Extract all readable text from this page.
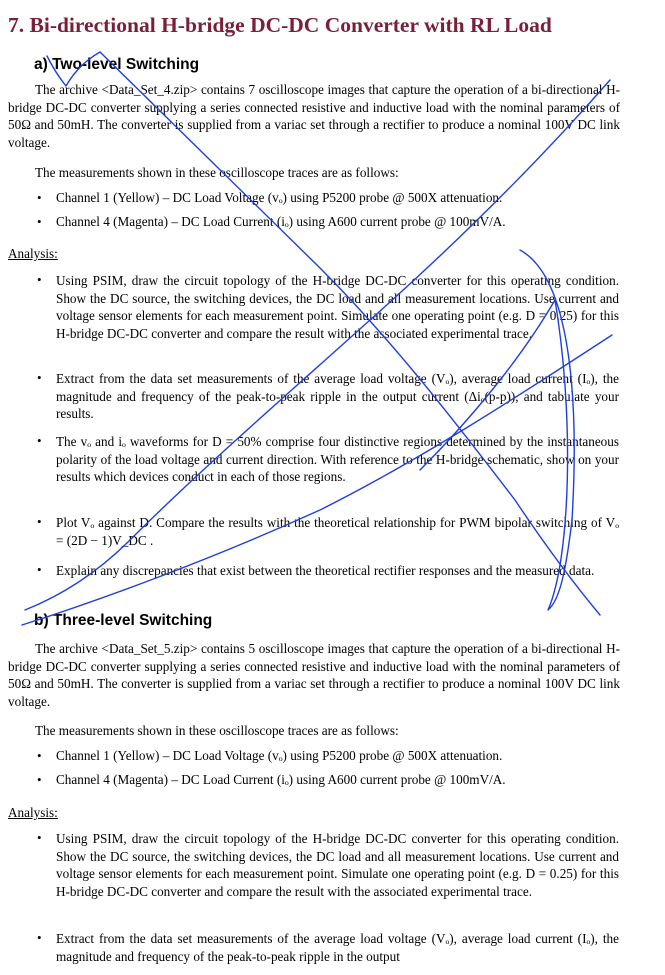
7. Bi-directional H-bridge DC-DC Converter with RL Load
a) Two-level Switching
The archive <Data_Set_4.zip> contains 7 oscilloscope images that capture the operation of a bi-directional H-bridge DC-DC converter supplying a series connected resistive and inductive load with the nominal parameters of 50Ω and 50mH. The converter is supplied from a variac set through a rectifier to produce a nominal 100V DC link voltage.
The measurements shown in these oscilloscope traces are as follows:
• Channel 1 (Yellow) – DC Load Voltage (vₒ) using P5200 probe @ 500X attenuation.
• Channel 4 (Magenta) – DC Load Current (iₒ) using A600 current probe @ 100mV/A.
Analysis:
• Using PSIM, draw the circuit topology of the H-bridge DC-DC converter for this operating condition. Show the DC source, the switching devices, the DC load and all measurement locations. Use current and voltage sensor elements for each measurement point. Simulate one operating point (e.g. D = 0.25) for this H-bridge DC-DC converter and compare the result with the associated experimental trace.
• Extract from the data set measurements of the average load voltage (Vₒ), average load current (Iₒ), the magnitude and frequency of the peak-to-peak ripple in the output current (Δiₒ(p-p)), and tabulate your results.
• The vₒ and iₒ waveforms for D = 50% comprise four distinctive regions determined by the instantaneous polarity of the load voltage and current direction. With reference to the H-bridge schematic, show on your results which devices conduct in each of those regions.
• Plot Vₒ against D. Compare the results with the theoretical relationship for PWM bipolar switching of Vₒ = (2D − 1)V_DC .
• Explain any discrepancies that exist between the theoretical rectifier responses and the measured data.
b) Three-level Switching
The archive <Data_Set_5.zip> contains 5 oscilloscope images that capture the operation of a bi-directional H-bridge DC-DC converter supplying a series connected resistive and inductive load with the nominal parameters of 50Ω and 50mH. The converter is supplied from a variac set through a rectifier to produce a nominal 100V DC link voltage.
The measurements shown in these oscilloscope traces are as follows:
• Channel 1 (Yellow) – DC Load Voltage (vₒ) using P5200 probe @ 500X attenuation.
• Channel 4 (Magenta) – DC Load Current (iₒ) using A600 current probe @ 100mV/A.
Analysis:
• Using PSIM, draw the circuit topology of the H-bridge DC-DC converter for this operating condition. Show the DC source, the switching devices, the DC load and all measurement locations. Use current and voltage sensor elements for each measurement point. Simulate one operating point (e.g. D = 0.25) for this H-bridge DC-DC converter and compare the result with the associated experimental trace.
• Extract from the data set measurements of the average load voltage (Vₒ), average load current (Iₒ), the magnitude and frequency of the peak-to-peak ripple in the output
